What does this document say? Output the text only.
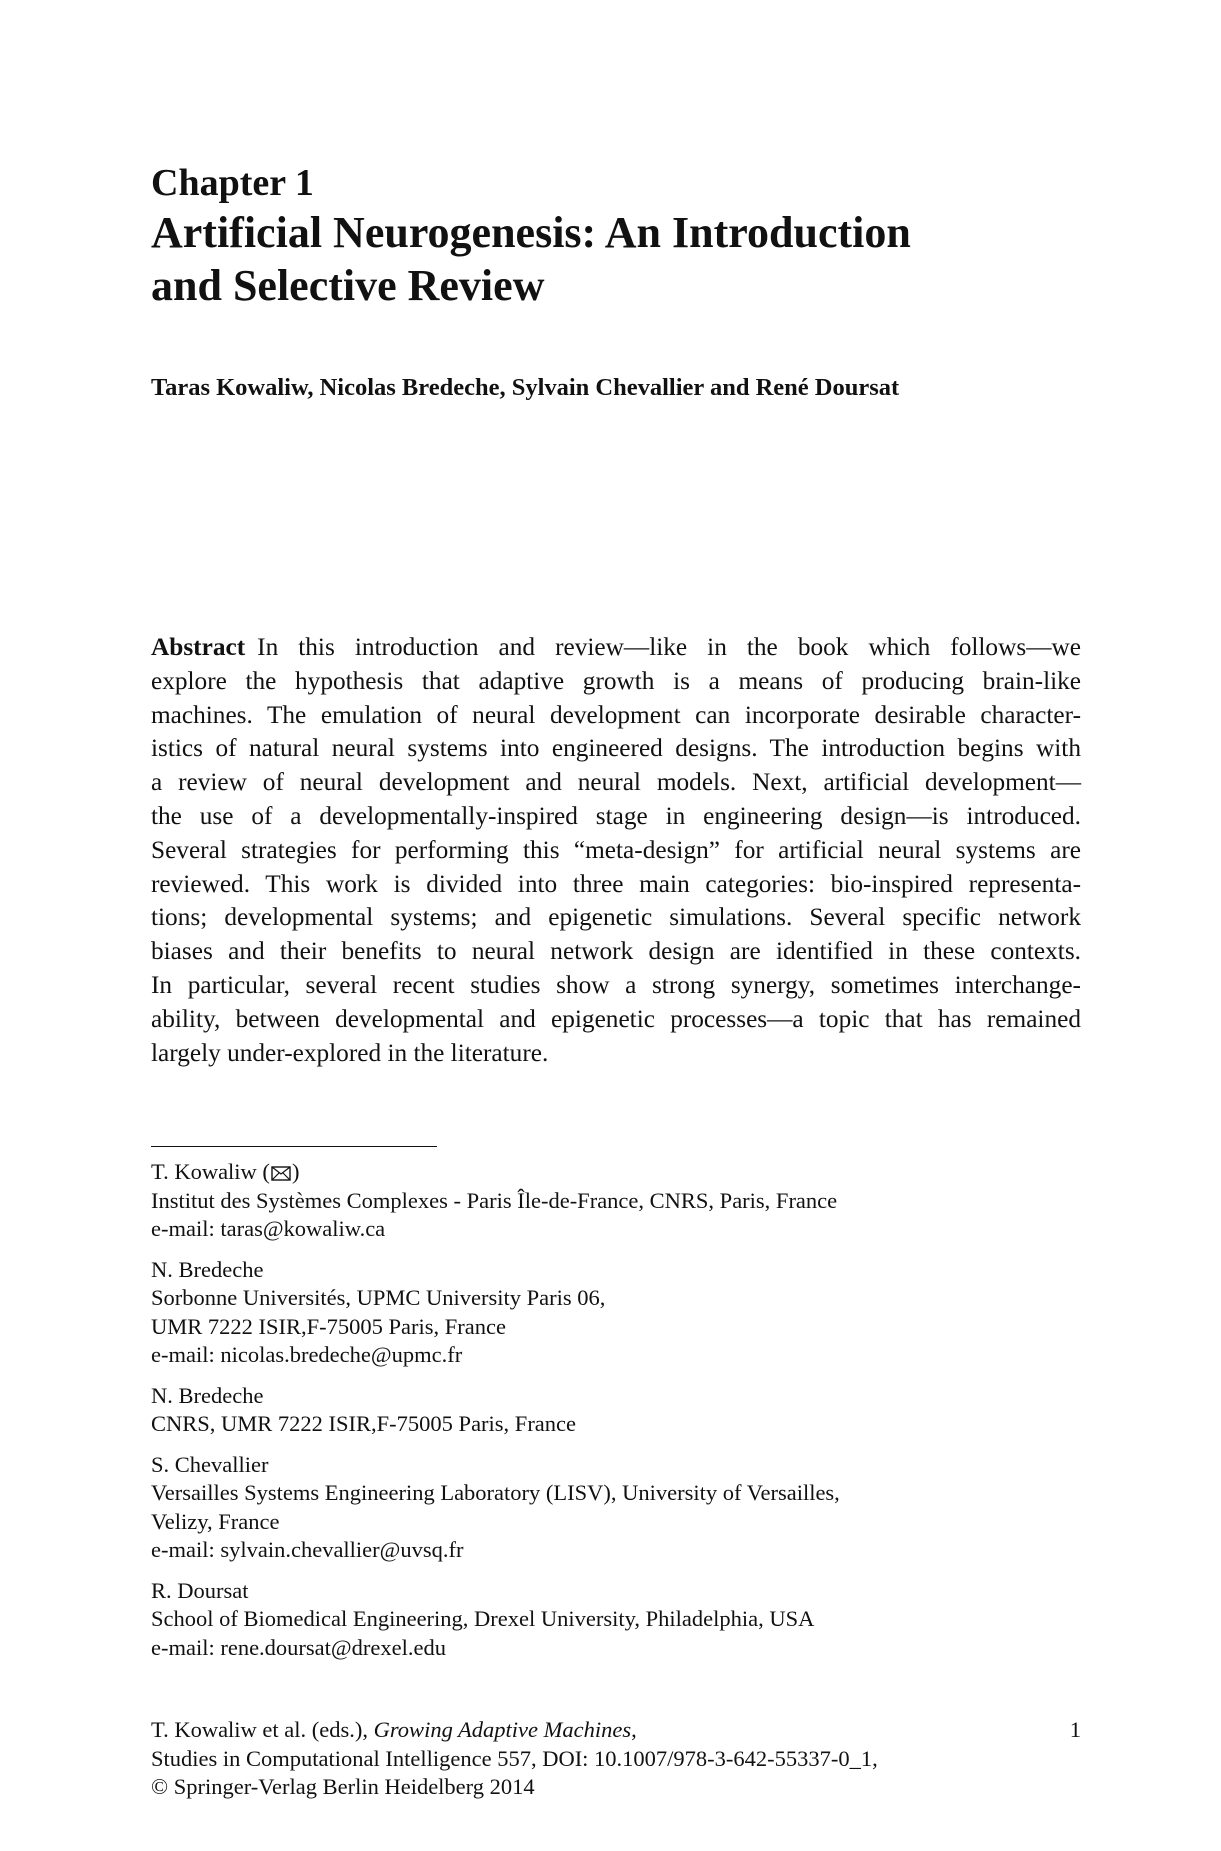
Chapter 1
Artificial Neurogenesis: An Introduction
and Selective Review
Taras Kowaliw, Nicolas Bredeche, Sylvain Chevallier and René Doursat
Abstract In this introduction and review—like in the book which follows—we
explore the hypothesis that adaptive growth is a means of producing brain-like
machines. The emulation of neural development can incorporate desirable character-
istics of natural neural systems into engineered designs. The introduction begins with
a review of neural development and neural models. Next, artificial development—
the use of a developmentally-inspired stage in engineering design—is introduced.
Several strategies for performing this “meta-design” for artificial neural systems are
reviewed. This work is divided into three main categories: bio-inspired representa-
tions; developmental systems; and epigenetic simulations. Several specific network
biases and their benefits to neural network design are identified in these contexts.
In particular, several recent studies show a strong synergy, sometimes interchange-
ability, between developmental and epigenetic processes—a topic that has remained
largely under-explored in the literature.
T. Kowaliw ( )
Institut des Systèmes Complexes - Paris Île-de-France, CNRS, Paris, France
e-mail: taras@kowaliw.ca
N. Bredeche
Sorbonne Universités, UPMC University Paris 06,
UMR 7222 ISIR,F-75005 Paris, France
e-mail: nicolas.bredeche@upmc.fr
N. Bredeche
CNRS, UMR 7222 ISIR,F-75005 Paris, France
S. Chevallier
Versailles Systems Engineering Laboratory (LISV), University of Versailles,
Velizy, France
e-mail: sylvain.chevallier@uvsq.fr
R. Doursat
School of Biomedical Engineering, Drexel University, Philadelphia, USA
e-mail: rene.doursat@drexel.edu
T. Kowaliw et al. (eds.), Growing Adaptive Machines,
Studies in Computational Intelligence 557, DOI: 10.1007/978-3-642-55337-0_1,
© Springer-Verlag Berlin Heidelberg 2014
1
